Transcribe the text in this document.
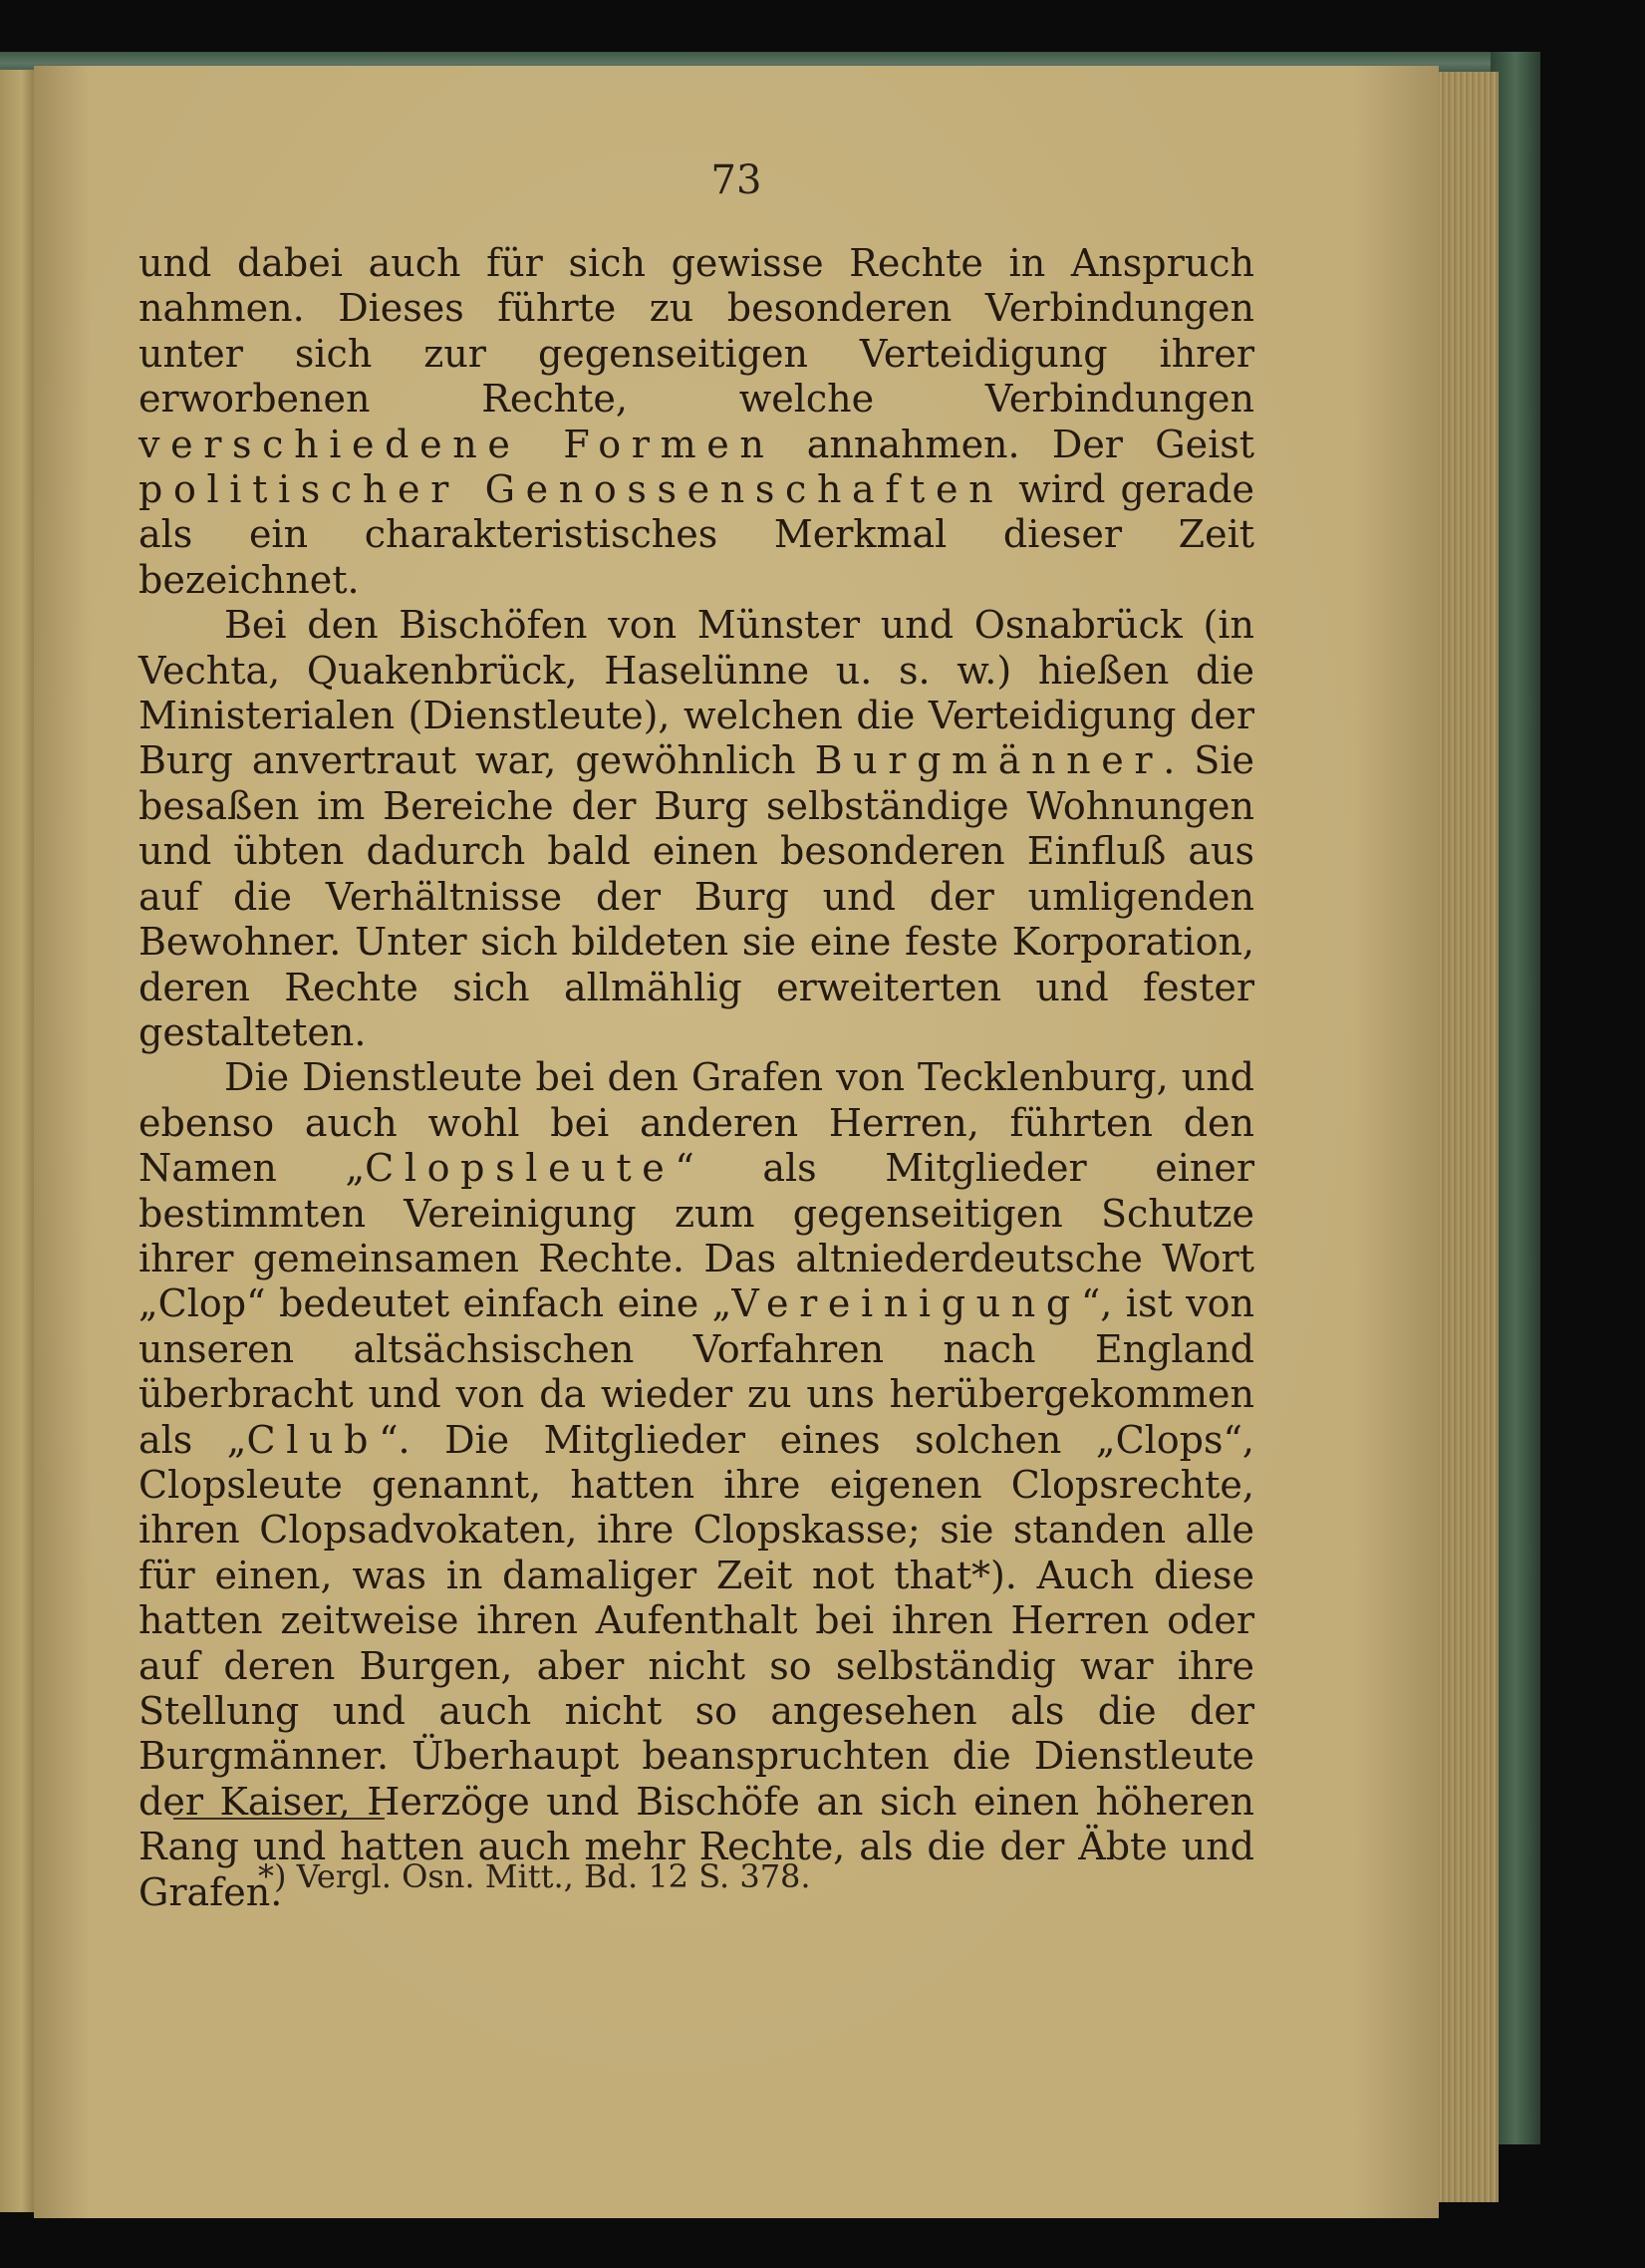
73

und dabei auch für sich gewisse Rechte in Anspruch nahmen. Dieses führte zu besonderen Verbindungen unter sich zur gegenseitigen Verteidigung ihrer erworbenen Rechte, welche Verbindungen verschiedene Formen annahmen. Der Geist politischer Genossenschaften wird gerade als ein charakteristisches Merkmal dieser Zeit bezeichnet.

Bei den Bischöfen von Münster und Osnabrück (in Vechta, Quakenbrück, Haselünne u. s. w.) hießen die Ministerialen (Dienstleute), welchen die Verteidigung der Burg anvertraut war, gewöhnlich Burgmänner. Sie besaßen im Bereiche der Burg selbständige Wohnungen und übten dadurch bald einen besonderen Einfluß aus auf die Verhältnisse der Burg und der umligenden Bewohner. Unter sich bildeten sie eine feste Korporation, deren Rechte sich allmählig erweiterten und fester gestalteten.

Die Dienstleute bei den Grafen von Tecklenburg, und ebenso auch wohl bei anderen Herren, führten den Namen „Clopsleute“ als Mitglieder einer bestimmten Vereinigung zum gegenseitigen Schutze ihrer gemeinsamen Rechte. Das altniederdeutsche Wort „Clop“ bedeutet einfach eine „Vereinigung“, ist von unseren altsächsischen Vorfahren nach England überbracht und von da wieder zu uns herübergekommen als „Club“. Die Mitglieder eines solchen „Clops“, Clopsleute genannt, hatten ihre eigenen Clopsrechte, ihren Clopsadvokaten, ihre Clopskasse; sie standen alle für einen, was in damaliger Zeit not that*). Auch diese hatten zeitweise ihren Aufenthalt bei ihren Herren oder auf deren Burgen, aber nicht so selbständig war ihre Stellung und auch nicht so angesehen als die der Burgmänner. Überhaupt beanspruchten die Dienstleute der Kaiser, Herzöge und Bischöfe an sich einen höheren Rang und hatten auch mehr Rechte, als die der Äbte und Grafen.

*) Vergl. Osn. Mitt., Bd. 12 S. 378.
